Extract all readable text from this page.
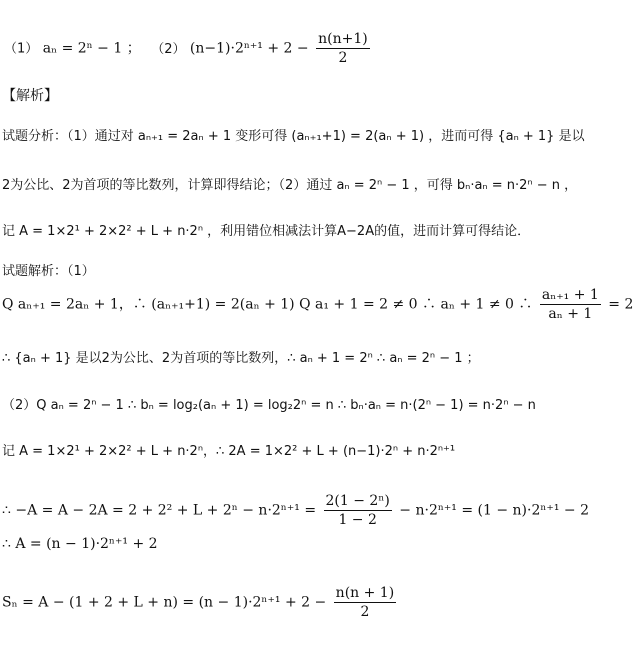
（1） aₙ = 2ⁿ − 1 ； （2） $(n-1)\cdot 2^{n+1} + 2 - \frac{n(n+1)}{2}$
【解析】
试题分析：（1）通过对 aₙ₊₁ = 2aₙ + 1 变形可得 (aₙ₊₁+1) = 2(aₙ + 1) ，进而可得 {aₙ + 1} 是以
2为公比、2为首项的等比数列，计算即得结论；（2）通过 aₙ = 2ⁿ − 1 ，可得 bₙ·aₙ = n·2ⁿ − n ，
记 A = 1×2¹ + 2×2² + L + n·2ⁿ ，利用错位相减法计算A−2A的值，进而计算可得结论．
试题解析：（1）
Q aₙ₊₁ = 2aₙ + 1，∴ (aₙ₊₁+1) = 2(aₙ + 1) Q a₁ + 1 = 2 ≠ 0 ∴ aₙ + 1 ≠ 0 ∴ $\frac{\text{aₙ₊₁ + 1}}{\text{aₙ + 1}} = 2$
∴ {aₙ + 1} 是以2为公比、2为首项的等比数列，∴ aₙ + 1 = 2ⁿ ∴ aₙ = 2ⁿ − 1 ；
（2）Q aₙ = 2ⁿ − 1 ∴ bₙ = log₂(aₙ + 1) = log₂2ⁿ = n ∴ bₙ·aₙ = n·(2ⁿ − 1) = n·2ⁿ − n
记 A = 1×2¹ + 2×2² + L + n·2ⁿ，∴ 2A = 1×2² + L + (n−1)·2ⁿ + n·2ⁿ⁺¹
∴ $-A = A - 2A = 2 + 2^2 + L + 2^n - n\cdot 2^{n+1} = \frac{\text{2(1 − 2ⁿ)}}{1 - 2} - n\cdot 2^{n+1} = (1 - n)\cdot 2^{n+1} - 2$
∴ A = (n − 1)·2ⁿ⁺¹ + 2
$S_n = A - (1 + 2 + L + n) = (n - 1)\cdot 2^{n+1} + 2 - \frac{n(n + 1)}{2}$
